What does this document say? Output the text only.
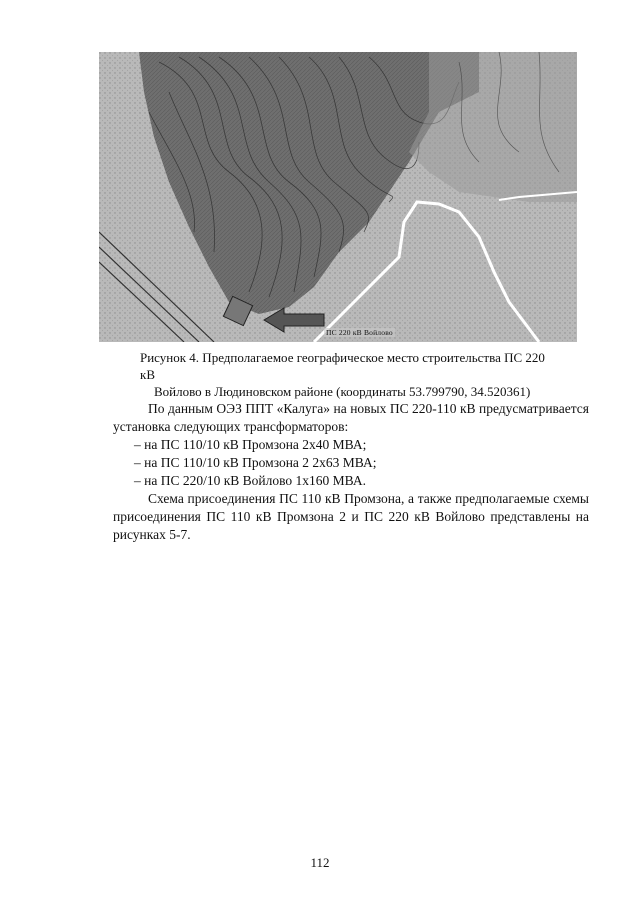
ПС 220 кВ Войлово
Рисунок 4. Предполагаемое географическое место строительства ПС 220 кВ
Войлово в Людиновском районе (координаты 53.799790, 34.520361)

По данным ОЭЗ ППТ «Калуга» на новых ПС 220-110 кВ предусматривается установка следующих трансформаторов:

– на ПС 110/10 кВ Промзона 2х40 МВА;
– на ПС 110/10 кВ Промзона 2 2х63 МВА;
– на ПС 220/10 кВ Войлово 1х160 МВА.

Схема присоединения ПС 110 кВ Промзона, а также предполагаемые схемы присоединения ПС 110 кВ Промзона 2 и ПС 220 кВ Войлово представлены на рисунках 5-7.

112
